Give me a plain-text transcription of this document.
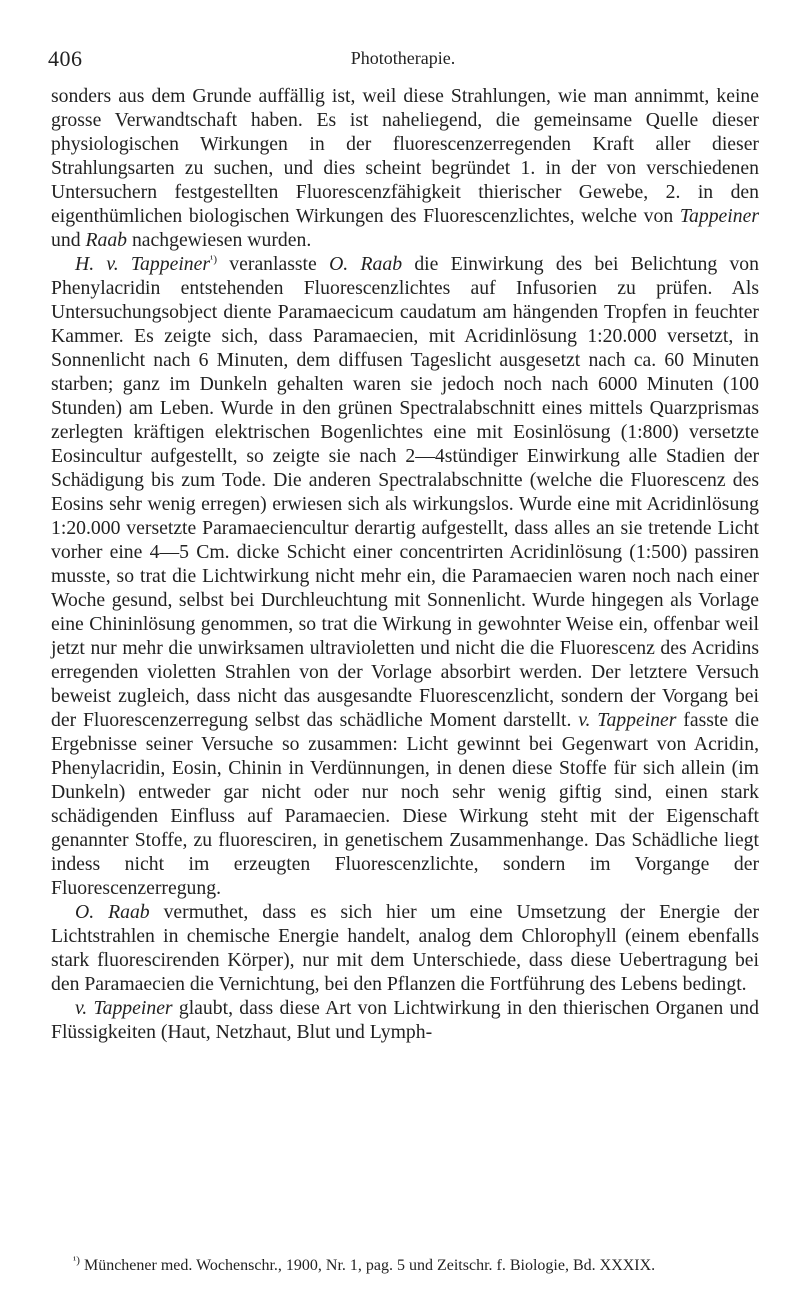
406	Phototherapie.

sonders aus dem Grunde auffällig ist, weil diese Strahlungen, wie man annimmt, keine grosse Verwandtschaft haben. Es ist naheliegend, die gemeinsame Quelle dieser physiologischen Wirkungen in der fluorescenzerregenden Kraft aller dieser Strahlungsarten zu suchen, und dies scheint begründet 1. in der von verschiedenen Untersuchern festgestellten Fluorescenzfähigkeit thierischer Gewebe, 2. in den eigenthümlichen biologischen Wirkungen des Fluorescenzlichtes, welche von Tappeiner und Raab nachgewiesen wurden.

H. v. Tappeiner$^{^1)}$ veranlasste O. Raab die Einwirkung des bei Belichtung von Phenylacridin entstehenden Fluorescenzlichtes auf Infusorien zu prüfen. Als Untersuchungsobject diente Paramaecicum caudatum am hängenden Tropfen in feuchter Kammer. Es zeigte sich, dass Paramaecien, mit Acridinlösung 1:20.000 versetzt, in Sonnenlicht nach 6 Minuten, dem diffusen Tageslicht ausgesetzt nach ca. 60 Minuten starben; ganz im Dunkeln gehalten waren sie jedoch noch nach 6000 Minuten (100 Stunden) am Leben. Wurde in den grünen Spectralabschnitt eines mittels Quarzprismas zerlegten kräftigen elektrischen Bogenlichtes eine mit Eosinlösung (1:800) versetzte Eosincultur aufgestellt, so zeigte sie nach 2—4stündiger Einwirkung alle Stadien der Schädigung bis zum Tode. Die anderen Spectralabschnitte (welche die Fluorescenz des Eosins sehr wenig erregen) erwiesen sich als wirkungslos. Wurde eine mit Acridinlösung 1:20.000 versetzte Paramaeciencultur derartig aufgestellt, dass alles an sie tretende Licht vorher eine 4—5 Cm. dicke Schicht einer concentrirten Acridinlösung (1:500) passiren musste, so trat die Lichtwirkung nicht mehr ein, die Paramaecien waren noch nach einer Woche gesund, selbst bei Durchleuchtung mit Sonnenlicht. Wurde hingegen als Vorlage eine Chininlösung genommen, so trat die Wirkung in gewohnter Weise ein, offenbar weil jetzt nur mehr die unwirksamen ultravioletten und nicht die die Fluorescenz des Acridins erregenden violetten Strahlen von der Vorlage absorbirt werden. Der letztere Versuch beweist zugleich, dass nicht das ausgesandte Fluorescenzlicht, sondern der Vorgang bei der Fluorescenzerregung selbst das schädliche Moment darstellt. v. Tappeiner fasste die Ergebnisse seiner Versuche so zusammen: Licht gewinnt bei Gegenwart von Acridin, Phenylacridin, Eosin, Chinin in Verdünnungen, in denen diese Stoffe für sich allein (im Dunkeln) entweder gar nicht oder nur noch sehr wenig giftig sind, einen stark schädigenden Einfluss auf Paramaecien. Diese Wirkung steht mit der Eigenschaft genannter Stoffe, zu fluoresciren, in genetischem Zusammenhange. Das Schädliche liegt indess nicht im erzeugten Fluorescenzlichte, sondern im Vorgange der Fluorescenzerregung.

O. Raab vermuthet, dass es sich hier um eine Umsetzung der Energie der Lichtstrahlen in chemische Energie handelt, analog dem Chlorophyll (einem ebenfalls stark fluorescirenden Körper), nur mit dem Unterschiede, dass diese Uebertragung bei den Paramaecien die Vernichtung, bei den Pflanzen die Fortführung des Lebens bedingt.

v. Tappeiner glaubt, dass diese Art von Lichtwirkung in den thierischen Organen und Flüssigkeiten (Haut, Netzhaut, Blut und Lymph-

$^{^1)}$ Münchener med. Wochenschr., 1900, Nr. 1, pag. 5 und Zeitschr. f. Biologie, Bd. XXXIX.
